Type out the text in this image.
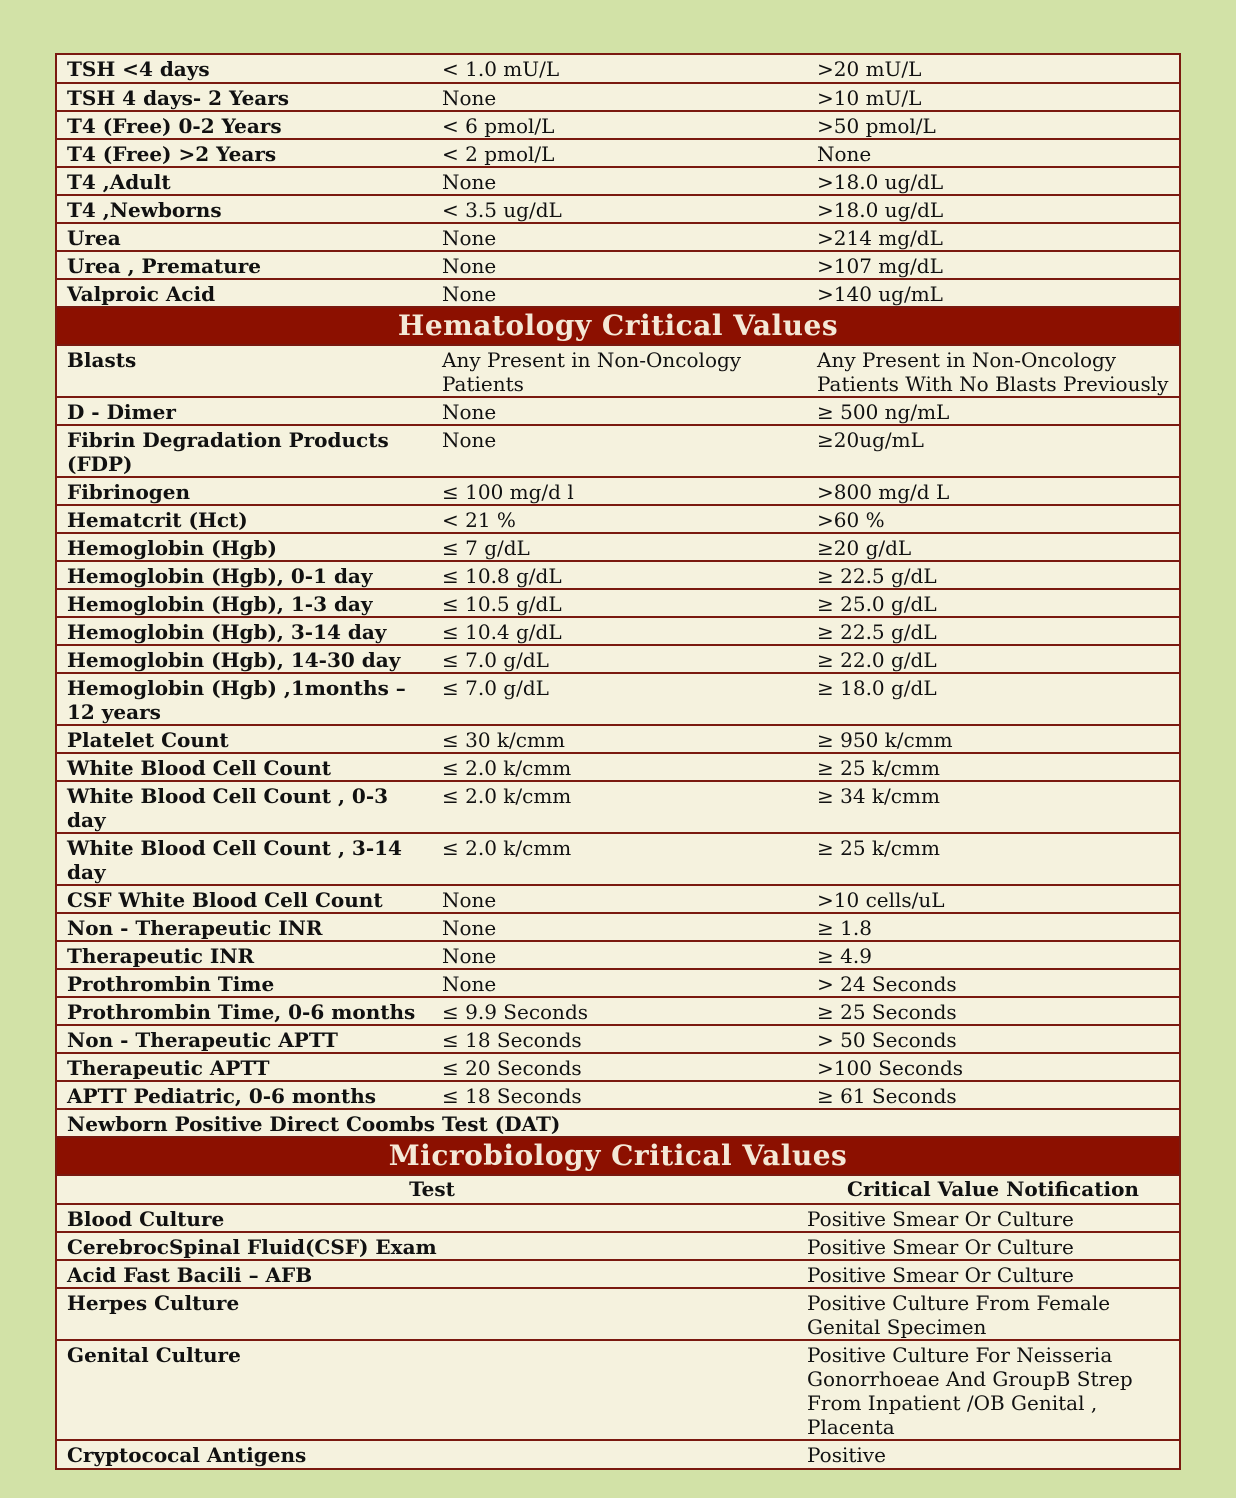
TSH <4 days	< 1.0 mU/L	>20 mU/L
TSH 4 days- 2 Years	None	>10 mU/L
T4 (Free) 0-2 Years	< 6 pmol/L	>50 pmol/L
T4 (Free) >2 Years	< 2 pmol/L	None
T4 ,Adult	None	>18.0 ug/dL
T4 ,Newborns	< 3.5 ug/dL	>18.0 ug/dL
Urea	None	>214 mg/dL
Urea , Premature	None	>107 mg/dL
Valproic Acid	None	>140 ug/mL
Hematology Critical Values		
Blasts	Any Present in Non-Oncology Patients	Any Present in Non-Oncology Patients With No Blasts Previously
D - Dimer	None	≥ 500 ng/mL
Fibrin Degradation Products (FDP)	None	≥20ug/mL
Fibrinogen	≤ 100 mg/d l	>800 mg/d L
Hematcrit (Hct)	< 21 %	>60 %
Hemoglobin (Hgb)	≤ 7 g/dL	≥20 g/dL
Hemoglobin (Hgb), 0-1 day	≤ 10.8 g/dL	≥ 22.5 g/dL
Hemoglobin (Hgb), 1-3 day	≤ 10.5 g/dL	≥ 25.0 g/dL
Hemoglobin (Hgb), 3-14 day	≤ 10.4 g/dL	≥ 22.5 g/dL
Hemoglobin (Hgb), 14-30 day	≤ 7.0 g/dL	≥ 22.0 g/dL
Hemoglobin (Hgb) ,1months – 12 years	≤ 7.0 g/dL	≥ 18.0 g/dL
Platelet Count	≤ 30 k/cmm	≥ 950 k/cmm
White Blood Cell Count	≤ 2.0 k/cmm	≥ 25 k/cmm
White Blood Cell Count , 0-3 day	≤ 2.0 k/cmm	≥ 34 k/cmm
White Blood Cell Count , 3-14 day	≤ 2.0 k/cmm	≥ 25 k/cmm
CSF White Blood Cell Count	None	>10 cells/uL
Non - Therapeutic INR	None	≥ 1.8
Therapeutic INR	None	≥ 4.9
Prothrombin Time	None	> 24 Seconds
Prothrombin Time, 0-6 months	≤ 9.9 Seconds	≥ 25 Seconds
Non - Therapeutic APTT	≤ 18 Seconds	> 50 Seconds
Therapeutic APTT	≤ 20 Seconds	>100 Seconds
APTT Pediatric, 0-6 months	≤ 18 Seconds	≥ 61 Seconds
Newborn Positive Direct Coombs Test (DAT)		
Microbiology Critical Values		
Test		Critical Value Notification
Blood Culture		Positive Smear Or Culture
CerebrocSpinal Fluid(CSF) Exam		Positive Smear Or Culture
Acid Fast Bacili – AFB		Positive Smear Or Culture
Herpes Culture		Positive Culture From Female Genital Specimen
Genital Culture		Positive Culture For Neisseria Gonorrhoeae And GroupB Strep From Inpatient /OB Genital , Placenta
Cryptococal Antigens		Positive
